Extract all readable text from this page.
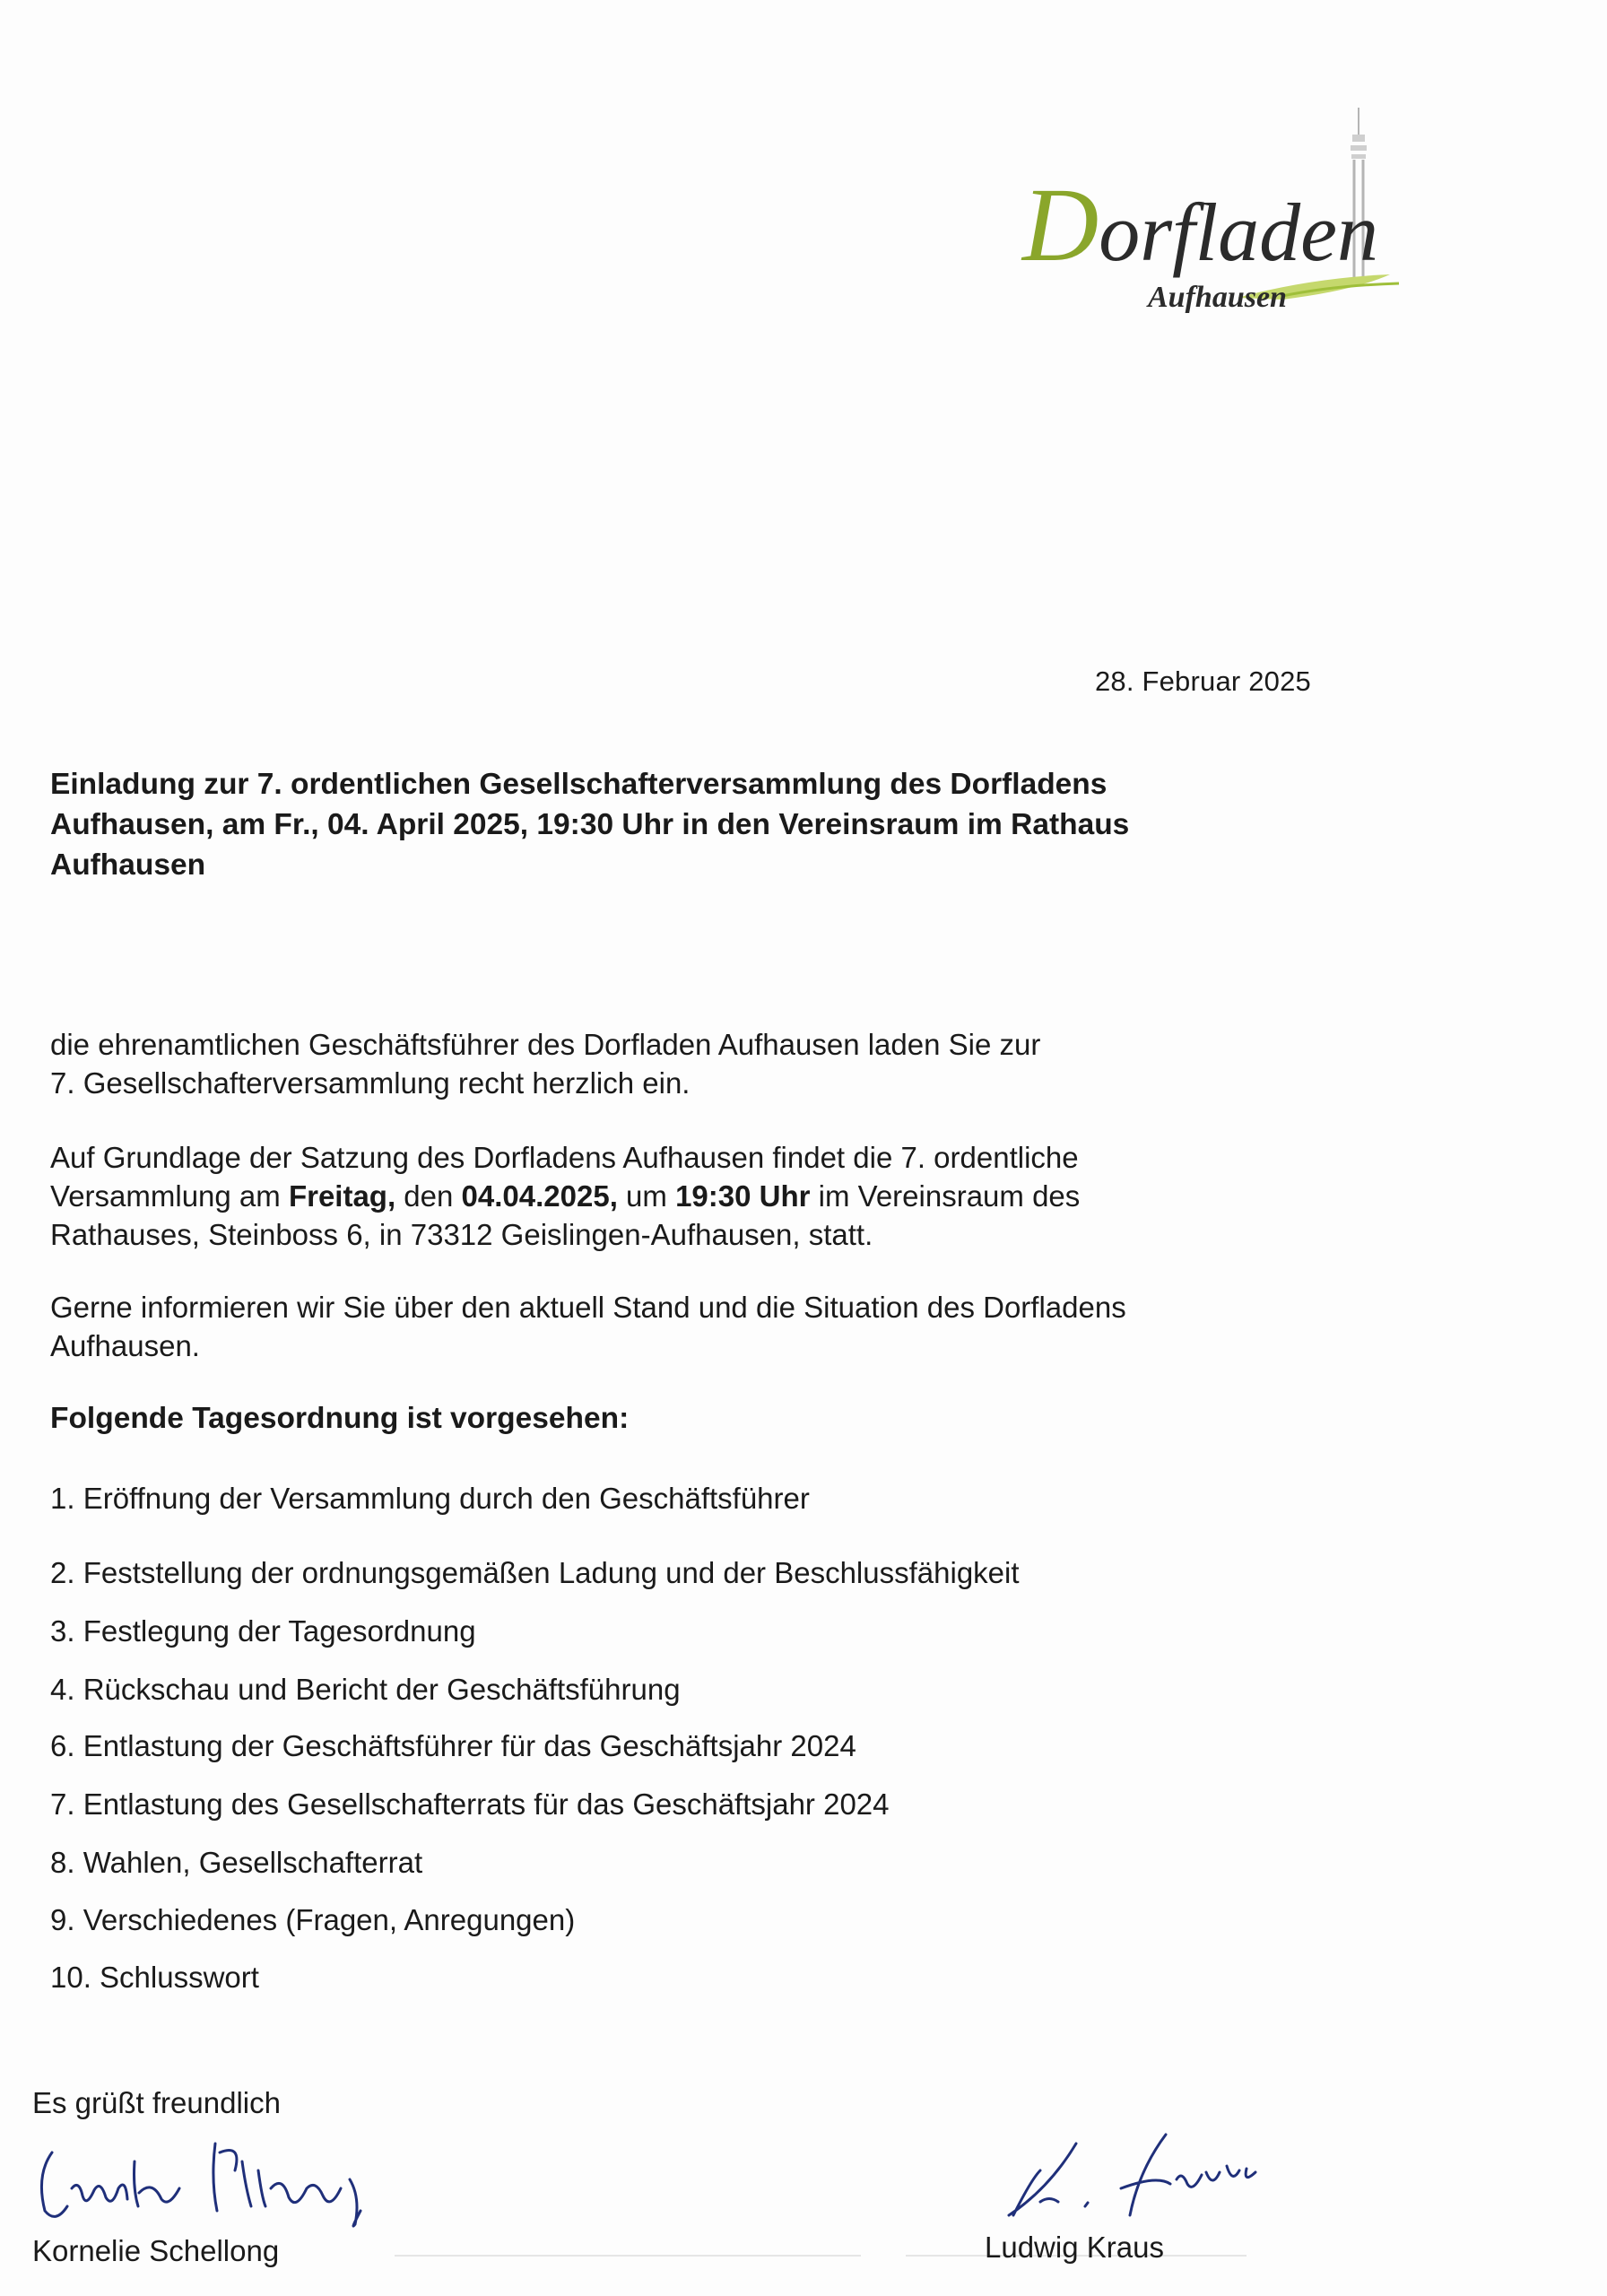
Dorfladen
Aufhausen
28. Februar 2025
Einladung zur 7. ordentlichen Gesellschafterversammlung des Dorfladens
Aufhausen, am Fr., 04. April 2025, 19:30 Uhr in den Vereinsraum im Rathaus
Aufhausen
die ehrenamtlichen Geschäftsführer des Dorfladen Aufhausen laden Sie zur
7. Gesellschafterversammlung recht herzlich ein.
Auf Grundlage der Satzung des Dorfladens Aufhausen findet die 7. ordentliche
Versammlung am Freitag, den 04.04.2025, um 19:30 Uhr im Vereinsraum des
Rathauses, Steinboss 6, in 73312 Geislingen-Aufhausen, statt.
Gerne informieren wir Sie über den aktuell Stand und die Situation des Dorfladens
Aufhausen.
Folgende Tagesordnung ist vorgesehen:
1. Eröffnung der Versammlung durch den Geschäftsführer
2. Feststellung der ordnungsgemäßen Ladung und der Beschlussfähigkeit
3. Festlegung der Tagesordnung
4. Rückschau und Bericht der Geschäftsführung
6. Entlastung der Geschäftsführer für das Geschäftsjahr 2024
7. Entlastung des Gesellschafterrats für das Geschäftsjahr 2024
8. Wahlen, Gesellschafterrat
9. Verschiedenes (Fragen, Anregungen)
10. Schlusswort
Es grüßt freundlich
Kornelie Schellong	Ludwig Kraus
